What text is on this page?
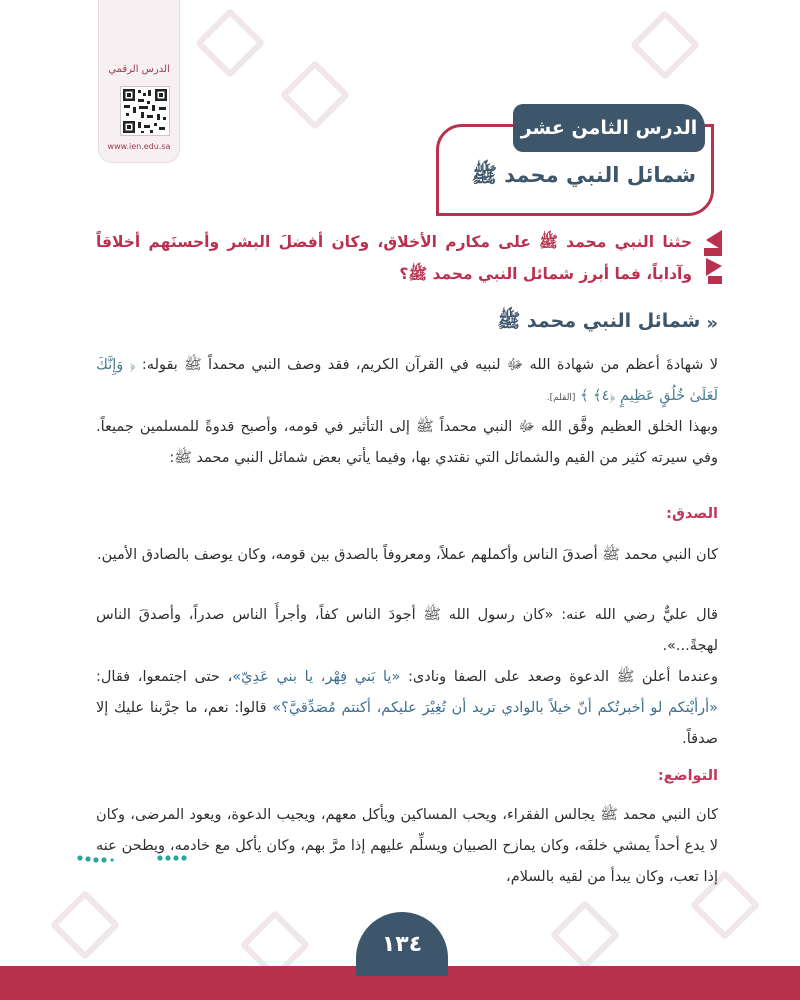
الدرس الرقمي
www.ien.edu.sa
الدرس الثامن عشر
شمائل النبي محمد ﷺ
حثنا النبي محمد ﷺ على مكارم الأخلاق، وكان أفضلَ البشر وأحسنَهم أخلاقاً وآداباً، فما أبرز شمائل النبي محمد ﷺ؟
«
شمائل النبي محمد ﷺ
لا شهادةَ أعظم من شهادة الله ﷻ لنبيه في القرآن الكريم، فقد وصف النبي محمداً ﷺ بقوله: ﴿ وَإِنَّكَ لَعَلَىٰ خُلُقٍ عَظِيمٍ ﴿٤﴾ ﴾ [القلم].
وبهذا الخلق العظيم وفَّق الله ﷻ النبي محمداً ﷺ إلى التأثير في قومه، وأصبح قدوةً للمسلمين جميعاً. وفي سيرته كثير من القيم والشمائل التي نقتدي بها، وفيما يأتي بعض شمائل النبي محمد ﷺ:
الصدق:
كان النبي محمد ﷺ أصدقَ الناس وأكملهم عملاً، ومعروفاً بالصدق بين قومه، وكان يوصف بالصادق الأمين.
قال عليٌّ رضي الله عنه: «كان رسول الله ﷺ أجودَ الناس كفاً، وأجرأَ الناس صدراً، وأصدقَ الناس لهجةً...».
وعندما أعلن ﷺ الدعوة وصعد على الصفا ونادى: «يا بَني فِهْر، يا بني عَدِيّ»، حتى اجتمعوا، فقال: «أرأيْتكم لو أخبرتُكم أنّ خيلاً بالوادي تريد أن تُغِيْرَ عليكم، أكنتم مُصَدِّقيَّ؟» قالوا: نعم، ما جرَّبنا عليك إلا صدقاً.
التواضع:
كان النبي محمد ﷺ يجالس الفقراء، ويحب المساكين ويأكل معهم، ويجيب الدعوة، ويعود المرضى، وكان لا يدع أحداً يمشي خلفَه، وكان يمازح الصبيان ويسلِّم عليهم إذا مرَّ بهم، وكان يأكل مع خادمه، ويطحن عنه إذا تعب، وكان يبدأ من لقيه بالسلام،
١٣٤
